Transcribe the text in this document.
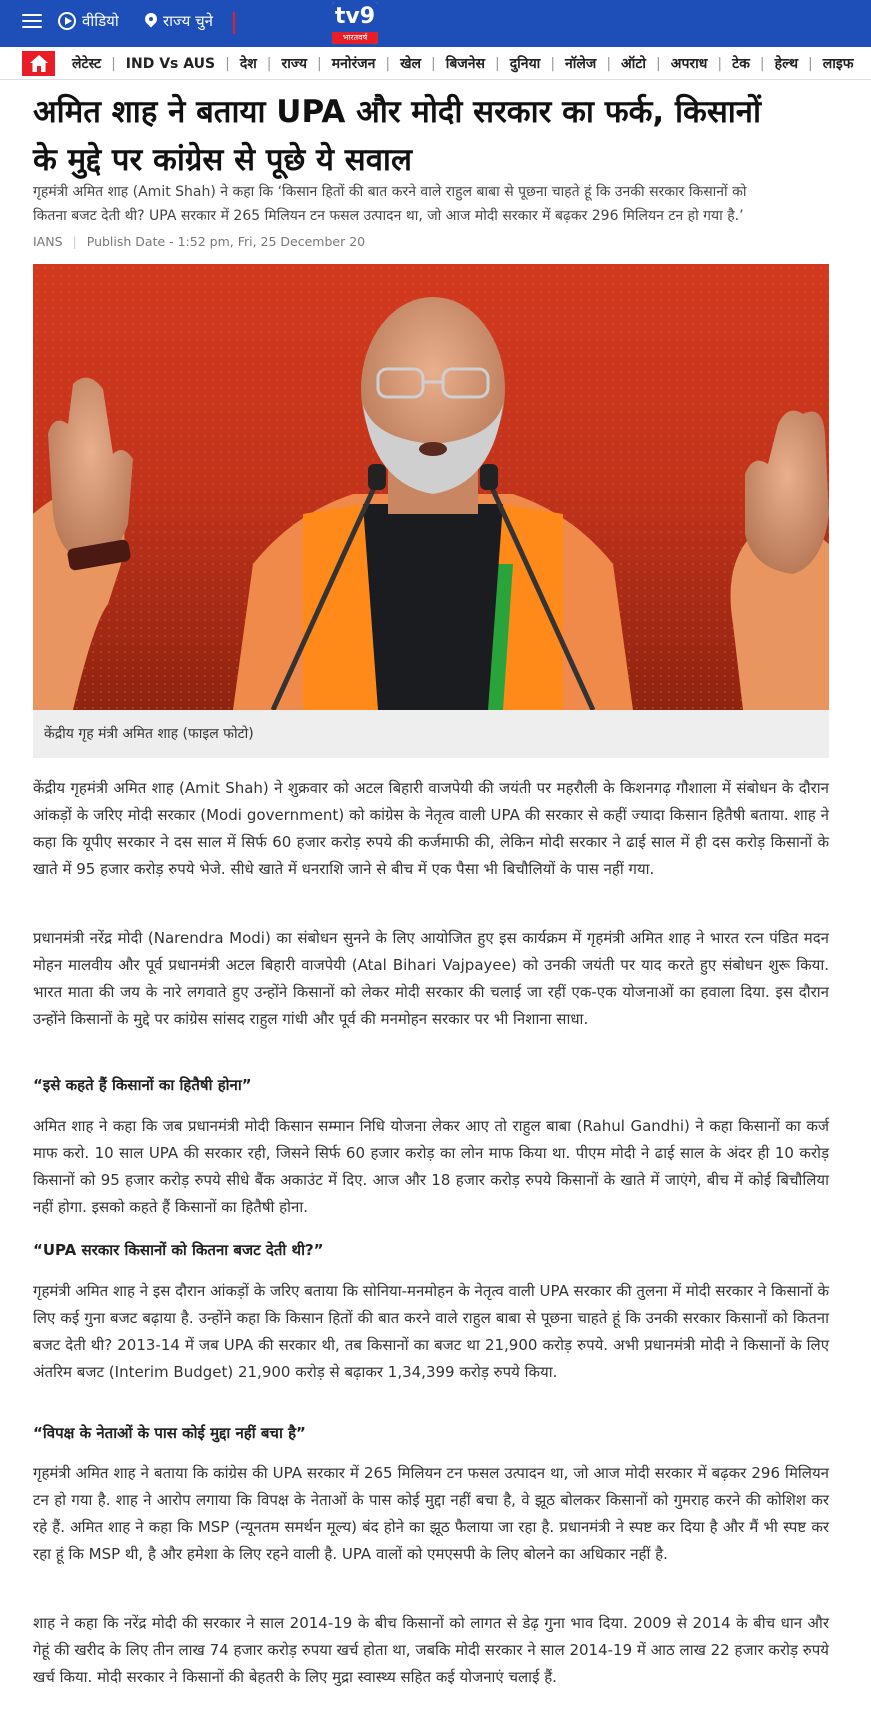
वीडियो	राज्य चुने	tv9
भारतवर्ष
लेटेस्ट | IND Vs AUS | देश | राज्य | मनोरंजन | खेल | बिजनेस | दुनिया | नॉलेज | ऑटो | अपराध | टेक | हेल्थ | लाइफ
अमित शाह ने बताया UPA और मोदी सरकार का फर्क, किसानों
के मुद्दे पर कांग्रेस से पूछे ये सवाल
गृहमंत्री अमित शाह (Amit Shah) ने कहा कि ‘किसान हितों की बात करने वाले राहुल बाबा से पूछना चाहते हूं कि उनकी सरकार किसानों को
कितना बजट देती थी? UPA सरकार में 265 मिलियन टन फसल उत्पादन था, जो आज मोदी सरकार में बढ़कर 296 मिलियन टन हो गया है.’
IANS | Publish Date - 1:52 pm, Fri, 25 December 20
केंद्रीय गृह मंत्री अमित शाह (फाइल फोटो)
केंद्रीय गृहमंत्री अमित शाह (Amit Shah) ने शुक्रवार को अटल बिहारी वाजपेयी की जयंती पर महरौली के किशनगढ़ गौशाला में संबोधन के दौरान आंकड़ों के जरिए मोदी सरकार (Modi government) को कांग्रेस के नेतृत्व वाली UPA की सरकार से कहीं ज्यादा किसान हितैषी बताया. शाह ने कहा कि यूपीए सरकार ने दस साल में सिर्फ 60 हजार करोड़ रुपये की कर्जमाफी की, लेकिन मोदी सरकार ने ढाई साल में ही दस करोड़ किसानों के खाते में 95 हजार करोड़ रुपये भेजे. सीधे खाते में धनराशि जाने से बीच में एक पैसा भी बिचौलियों के पास नहीं गया.
प्रधानमंत्री नरेंद्र मोदी (Narendra Modi) का संबोधन सुनने के लिए आयोजित हुए इस कार्यक्रम में गृहमंत्री अमित शाह ने भारत रत्न पंडित मदन मोहन मालवीय और पूर्व प्रधानमंत्री अटल बिहारी वाजपेयी (Atal Bihari Vajpayee) को उनकी जयंती पर याद करते हुए संबोधन शुरू किया. भारत माता की जय के नारे लगवाते हुए उन्होंने किसानों को लेकर मोदी सरकार की चलाई जा रहीं एक-एक योजनाओं का हवाला दिया. इस दौरान उन्होंने किसानों के मुद्दे पर कांग्रेस सांसद राहुल गांधी और पूर्व की मनमोहन सरकार पर भी निशाना साधा.
“इसे कहते हैं किसानों का हितैषी होना”
अमित शाह ने कहा कि जब प्रधानमंत्री मोदी किसान सम्मान निधि योजना लेकर आए तो राहुल बाबा (Rahul Gandhi) ने कहा किसानों का कर्ज माफ करो. 10 साल UPA की सरकार रही, जिसने सिर्फ 60 हजार करोड़ का लोन माफ किया था. पीएम मोदी ने ढाई साल के अंदर ही 10 करोड़ किसानों को 95 हजार करोड़ रुपये सीधे बैंक अकाउंट में दिए. आज और 18 हजार करोड़ रुपये किसानों के खाते में जाएंगे, बीच में कोई बिचौलिया नहीं होगा. इसको कहते हैं किसानों का हितैषी होना.
“UPA सरकार किसानों को कितना बजट देती थी?”
गृहमंत्री अमित शाह ने इस दौरान आंकड़ों के जरिए बताया कि सोनिया-मनमोहन के नेतृत्व वाली UPA सरकार की तुलना में मोदी सरकार ने किसानों के लिए कई गुना बजट बढ़ाया है. उन्होंने कहा कि किसान हितों की बात करने वाले राहुल बाबा से पूछना चाहते हूं कि उनकी सरकार किसानों को कितना बजट देती थी? 2013-14 में जब UPA की सरकार थी, तब किसानों का बजट था 21,900 करोड़ रुपये. अभी प्रधानमंत्री मोदी ने किसानों के लिए अंतरिम बजट (Interim Budget) 21,900 करोड़ से बढ़ाकर 1,34,399 करोड़ रुपये किया.
“विपक्ष के नेताओं के पास कोई मुद्दा नहीं बचा है”
गृहमंत्री अमित शाह ने बताया कि कांग्रेस की UPA सरकार में 265 मिलियन टन फसल उत्पादन था, जो आज मोदी सरकार में बढ़कर 296 मिलियन टन हो गया है. शाह ने आरोप लगाया कि विपक्ष के नेताओं के पास कोई मुद्दा नहीं बचा है, वे झूठ बोलकर किसानों को गुमराह करने की कोशिश कर रहे हैं. अमित शाह ने कहा कि MSP (न्यूनतम समर्थन मूल्य) बंद होने का झूठ फैलाया जा रहा है. प्रधानमंत्री ने स्पष्ट कर दिया है और मैं भी स्पष्ट कर रहा हूं कि MSP थी, है और हमेशा के लिए रहने वाली है. UPA वालों को एमएसपी के लिए बोलने का अधिकार नहीं है.
शाह ने कहा कि नरेंद्र मोदी की सरकार ने साल 2014-19 के बीच किसानों को लागत से डेढ़ गुना भाव दिया. 2009 से 2014 के बीच धान और गेहूं की खरीद के लिए तीन लाख 74 हजार करोड़ रुपया खर्च होता था, जबकि मोदी सरकार ने साल 2014-19 में आठ लाख 22 हजार करोड़ रुपये खर्च किया. मोदी सरकार ने किसानों की बेहतरी के लिए मुद्रा स्वास्थ्य सहित कई योजनाएं चलाई हैं.
